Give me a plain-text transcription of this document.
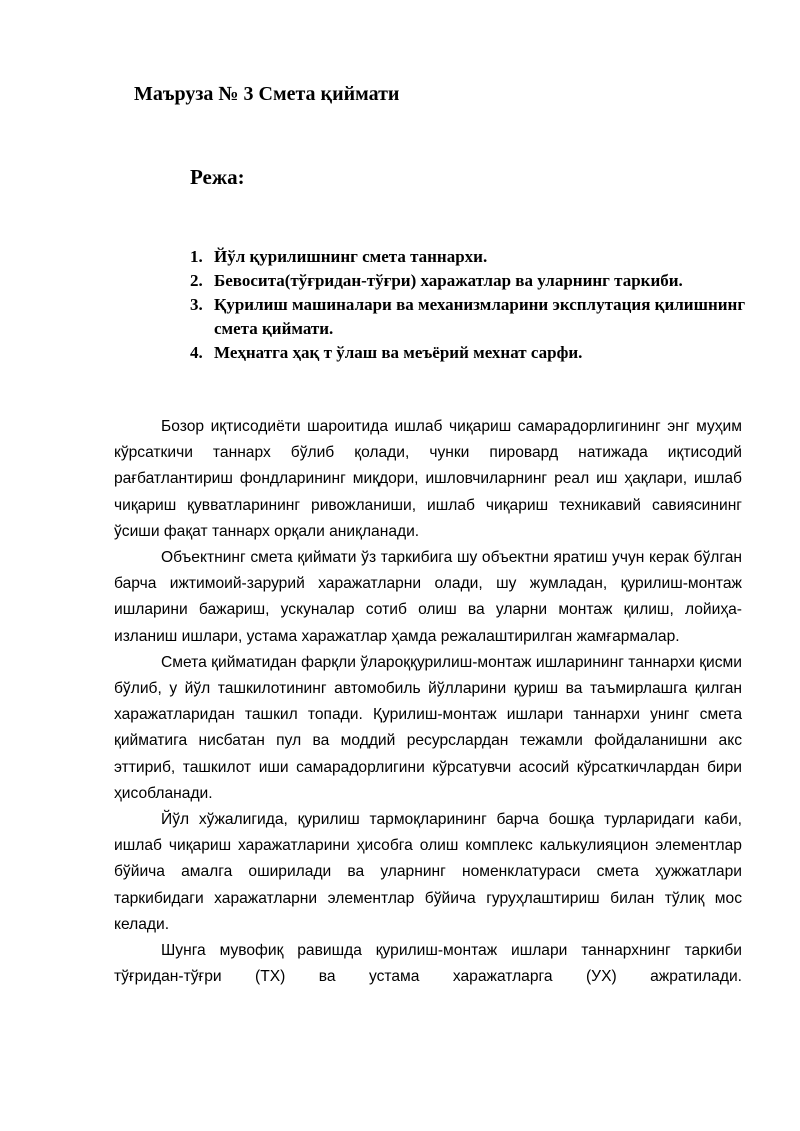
Маъруза № 3 Смета қиймати
Режа:
1. Йўл қурилишнинг смета таннархи.
2. Бевосита(тўғридан-тўғри) харажатлар ва уларнинг таркиби.
3. Қурилиш машиналари ва механизмларини эксплутация қилишнинг смета қиймати.
4. Меҳнатга ҳақ т ўлаш ва меъёрий мехнат сарфи.

Бозор иқтисодиёти шароитида ишлаб чиқариш самарадорлигининг энг муҳим кўрсаткичи таннарх бўлиб қолади, чунки пировард натижада иқтисодий рағбатлантириш фондларининг миқдори, ишловчиларнинг реал иш ҳақлари, ишлаб чиқариш қувватларининг ривожланиши, ишлаб чиқариш техникавий савиясининг ўсиши фақат таннарх орқали аниқланади.

Объектнинг смета қиймати ўз таркибига шу объектни яратиш учун керак бўлган барча ижтимоий-зарурий харажатларни олади, шу жумладан, қурилиш-монтаж ишларини бажариш, ускуналар сотиб олиш ва уларни монтаж қилиш, лойиҳа-изланиш ишлари, устама харажатлар ҳамда режалаштирилган жамғармалар.

Смета қийматидан фарқли ўлароққурилиш-монтаж ишларининг таннархи қисми бўлиб, у йўл ташкилотининг автомобиль йўлларини қуриш ва таъмирлашга қилган харажатларидан ташкил топади. Қурилиш-монтаж ишлари таннархи унинг смета қийматига нисбатан пул ва моддий ресурслардан тежамли фойдаланишни акс эттириб, ташкилот иши самарадорлигини кўрсатувчи асосий кўрсаткичлардан бири ҳисобланади.

Йўл хўжалигида, қурилиш тармоқларининг барча бошқа турларидаги каби, ишлаб чиқариш харажатларини ҳисобга олиш комплекс калькулияцион элементлар бўйича амалга оширилади ва уларнинг номенклатураси смета ҳужжатлари таркибидаги харажатларни элементлар бўйича гуруҳлаштириш билан тўлиқ мос келади.

Шунга мувофиқ равишда қурилиш-монтаж ишлари таннархнинг таркиби тўғридан-тўғри (ТХ) ва устама харажатларга (УХ) ажратилади.
